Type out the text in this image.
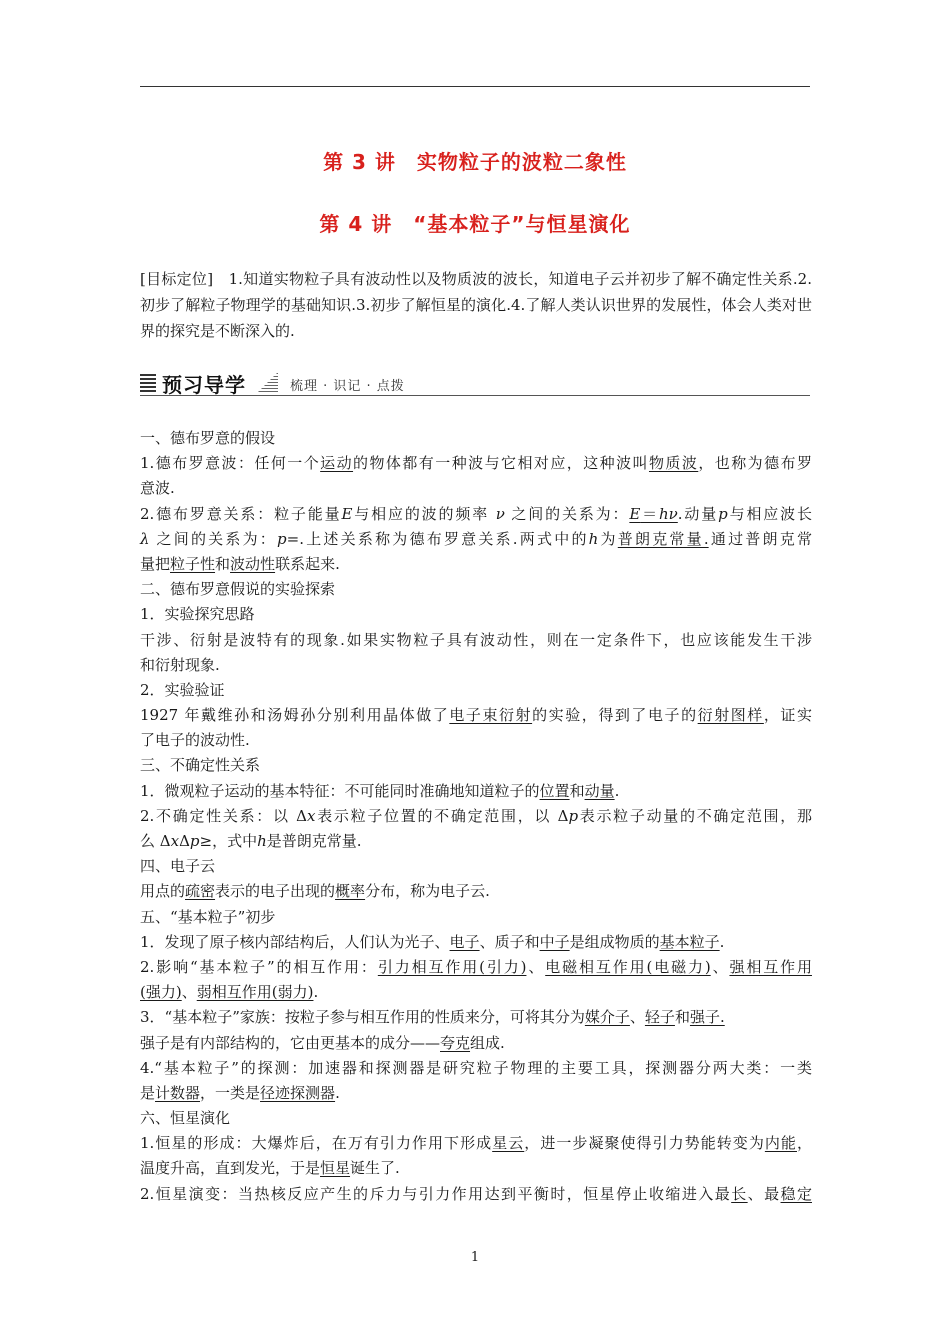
第 3 讲　实物粒子的波粒二象性
第 4 讲　“基本粒子”与恒星演化
[目标定位]　1.知道实物粒子具有波动性以及物质波的波长，知道电子云并初步了解不确定性关系.2.初步了解粒子物理学的基础知识.3.初步了解恒星的演化.4.了解人类认识世界的发展性，体会人类对世界的探究是不断深入的.
预习导学	梳理 · 识记 · 点拨
一、德布罗意的假设
1.德布罗意波：任何一个运动的物体都有一种波与它相对应，这种波叫物质波，也称为德布罗
意波.
2.德布罗意关系：粒子能量E与相应的波的频率 ν 之间的关系为：E＝hν.动量p与相应波长
λ 之间的关系为：p=.上述关系称为德布罗意关系.两式中的h为普朗克常量.通过普朗克常
量把粒子性和波动性联系起来.
二、德布罗意假说的实验探索
1．实验探究思路
干涉、衍射是波特有的现象.如果实物粒子具有波动性，则在一定条件下，也应该能发生干涉
和衍射现象.
2．实验验证
1927 年戴维孙和汤姆孙分别利用晶体做了电子束衍射的实验，得到了电子的衍射图样，证实
了电子的波动性.
三、不确定性关系
1．微观粒子运动的基本特征：不可能同时准确地知道粒子的位置和动量.
2.不确定性关系：以 Δx表示粒子位置的不确定范围，以 Δp表示粒子动量的不确定范围，那
么 ΔxΔp≥，式中h是普朗克常量.
四、电子云
用点的疏密表示的电子出现的概率分布，称为电子云.
五、“基本粒子”初步
1．发现了原子核内部结构后，人们认为光子、电子、质子和中子是组成物质的基本粒子.
2.影响“基本粒子”的相互作用：引力相互作用(引力)、电磁相互作用(电磁力)、强相互作用
(强力)、弱相互作用(弱力).
3．“基本粒子”家族：按粒子参与相互作用的性质来分，可将其分为媒介子、轻子和强子.
强子是有内部结构的，它由更基本的成分——夸克组成.
4.“基本粒子”的探测：加速器和探测器是研究粒子物理的主要工具，探测器分两大类：一类
是计数器，一类是径迹探测器.
六、恒星演化
1.恒星的形成：大爆炸后，在万有引力作用下形成星云，进一步凝聚使得引力势能转变为内能，
温度升高，直到发光，于是恒星诞生了.
2.恒星演变：当热核反应产生的斥力与引力作用达到平衡时，恒星停止收缩进入最长、最稳定
1
